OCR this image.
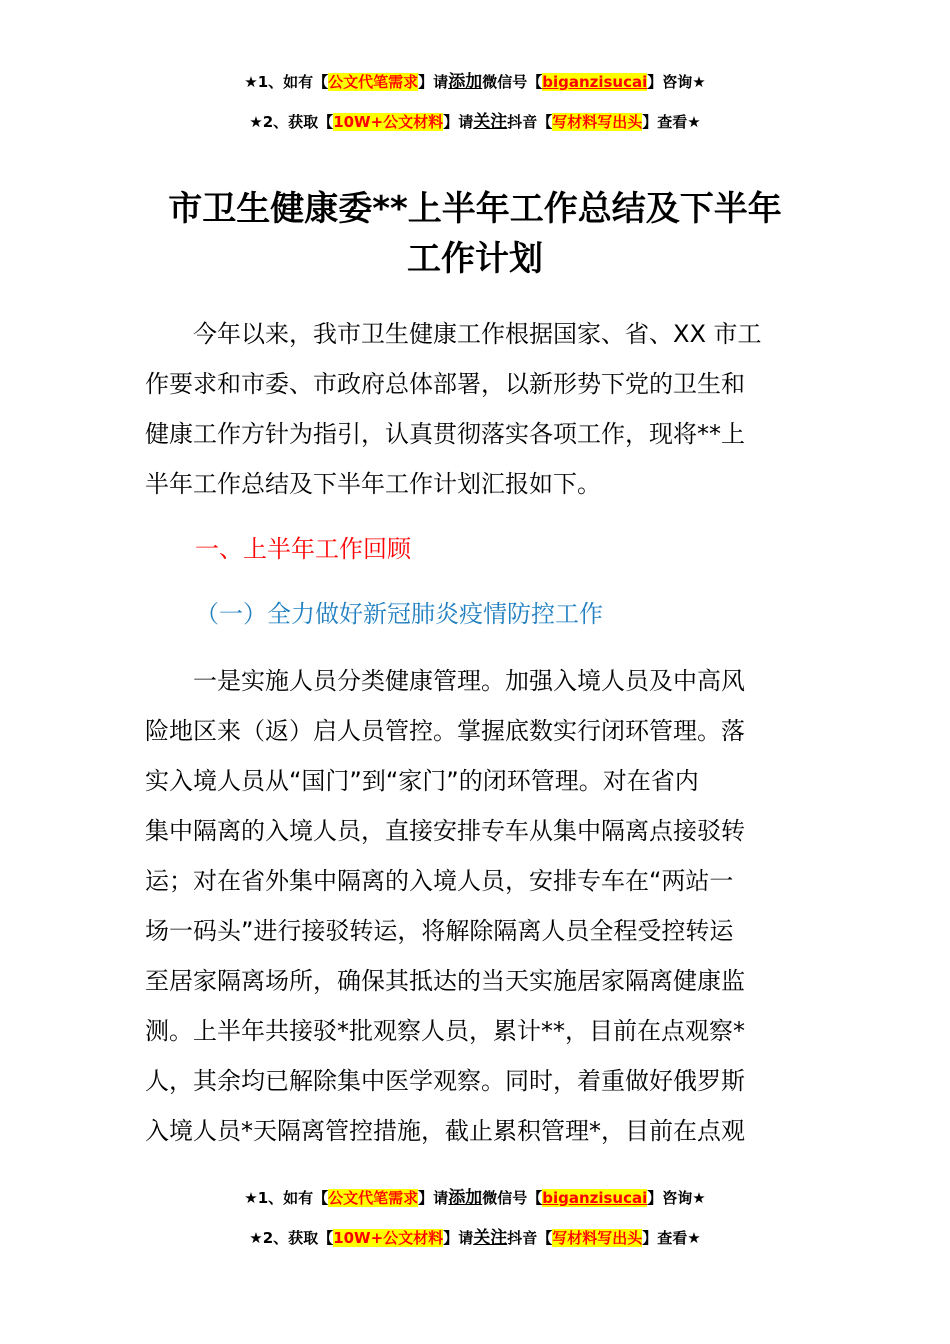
★1、如有【公文代笔需求】请添加微信号【biganzisucai】咨询★
★2、获取【10W+公文材料】请关注抖音【写材料写出头】查看★
市卫生健康委**上半年工作总结及下半年
工作计划
　　今年以来，我市卫生健康工作根据国家、省、XX 市工
作要求和市委、市政府总体部署，以新形势下党的卫生和
健康工作方针为指引，认真贯彻落实各项工作，现将**上
半年工作总结及下半年工作计划汇报如下。
一、上半年工作回顾
（一）全力做好新冠肺炎疫情防控工作
　　一是实施人员分类健康管理。加强入境人员及中高风
险地区来（返）启人员管控。掌握底数实行闭环管理。落
实入境人员从“国门”到“家门”的闭环管理。对在省内
集中隔离的入境人员，直接安排专车从集中隔离点接驳转
运；对在省外集中隔离的入境人员，安排专车在“两站一
场一码头”进行接驳转运，将解除隔离人员全程受控转运
至居家隔离场所，确保其抵达的当天实施居家隔离健康监
测。上半年共接驳*批观察人员，累计**，目前在点观察*
人，其余均已解除集中医学观察。同时，着重做好俄罗斯
入境人员*天隔离管控措施，截止累积管理*，目前在点观
★1、如有【公文代笔需求】请添加微信号【biganzisucai】咨询★
★2、获取【10W+公文材料】请关注抖音【写材料写出头】查看★
